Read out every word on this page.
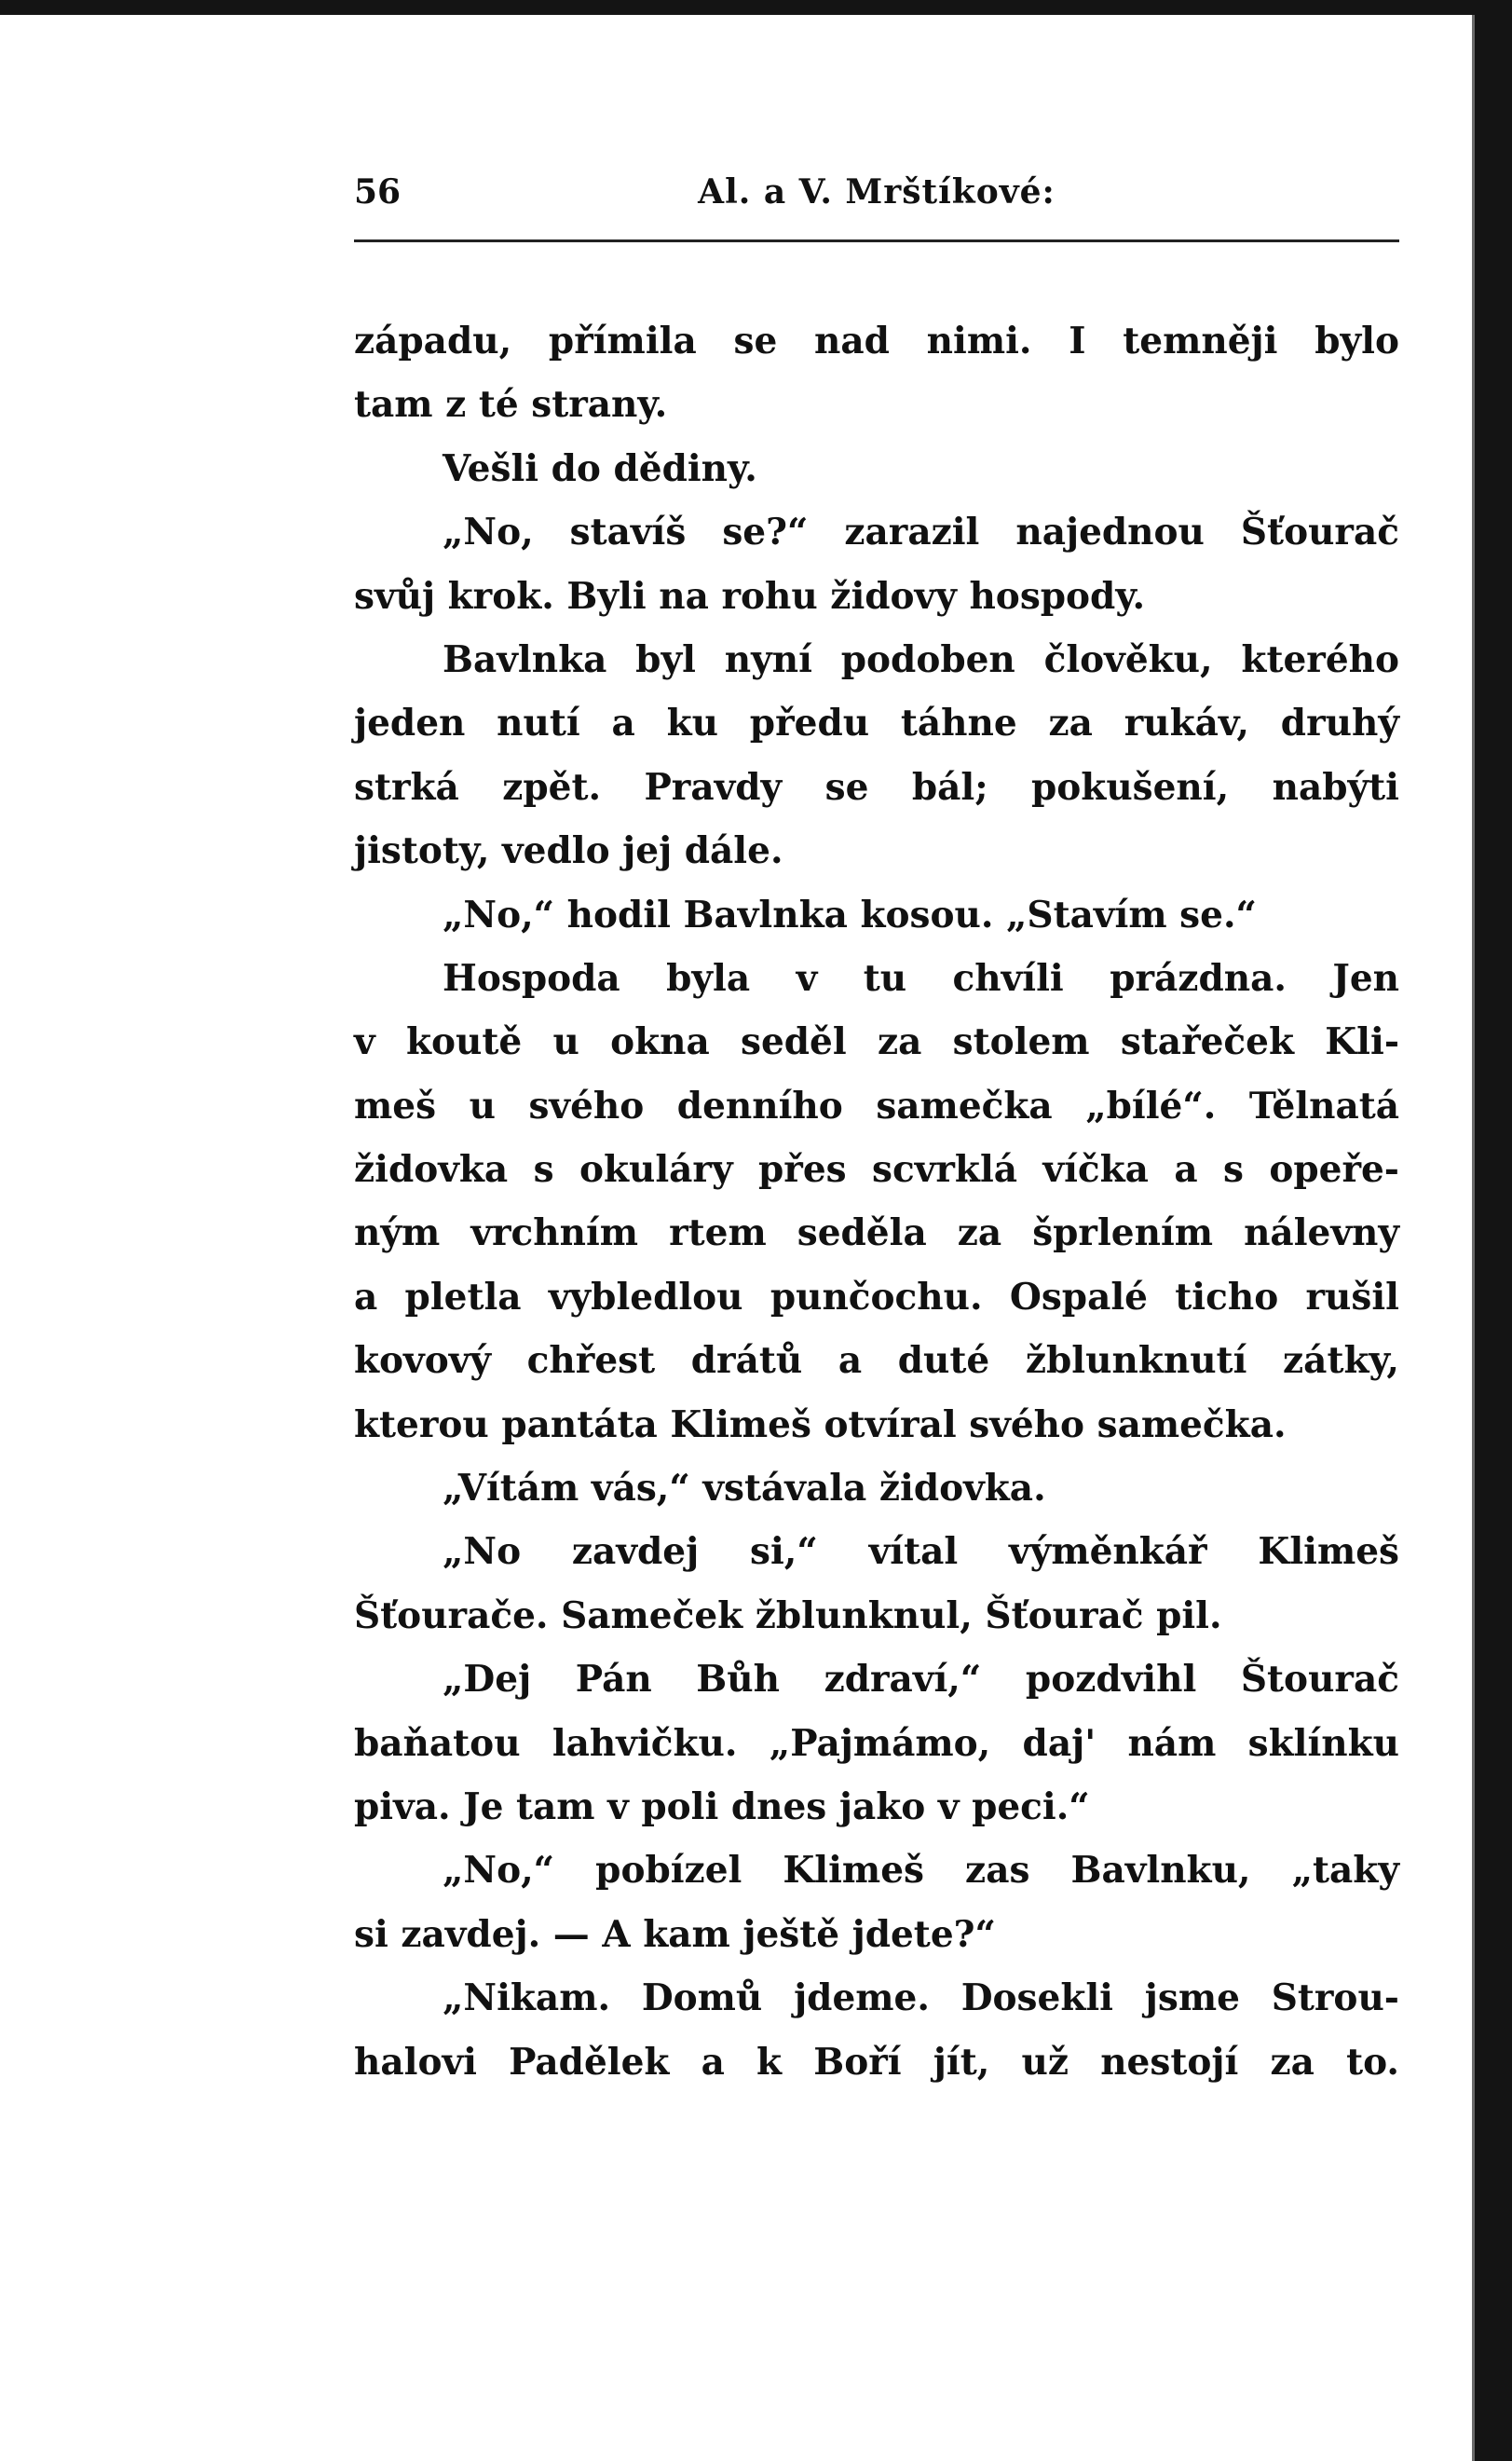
56	Al. a V. Mrštíkové:
západu, přímila se nad nimi. I temněji bylo
tam z té strany.
Vešli do dědiny.
„No, stavíš se?“ zarazil najednou Šťourač
svůj krok. Byli na rohu židovy hospody.
Bavlnka byl nyní podoben člověku, kterého
jeden nutí a ku předu táhne za rukáv, druhý
strká zpět. Pravdy se bál; pokušení, nabýti
jistoty, vedlo jej dále.
„No,“ hodil Bavlnka kosou. „Stavím se.“
Hospoda byla v tu chvíli prázdna. Jen
v koutě u okna seděl za stolem stařeček Kli-
meš u svého denního samečka „bílé“. Tělnatá
židovka s okuláry přes scvrklá víčka a s opeře-
ným vrchním rtem seděla za šprlením nálevny
a pletla vybledlou punčochu. Ospalé ticho rušil
kovový chřest drátů a duté žblunknutí zátky,
kterou pantáta Klimeš otvíral svého samečka.
„Vítám vás,“ vstávala židovka.
„No zavdej si,“ vítal výměnkář Klimeš
Šťourače. Sameček žblunknul, Šťourač pil.
„Dej Pán Bůh zdraví,“ pozdvihl Štourač
baňatou lahvičku. „Pajmámo, daj' nám sklínku
piva. Je tam v poli dnes jako v peci.“
„No,“ pobízel Klimeš zas Bavlnku, „taky
si zavdej. — A kam ještě jdete?“
„Nikam. Domů jdeme. Dosekli jsme Strou-
halovi Padělek a k Boří jít, už nestojí za to.
